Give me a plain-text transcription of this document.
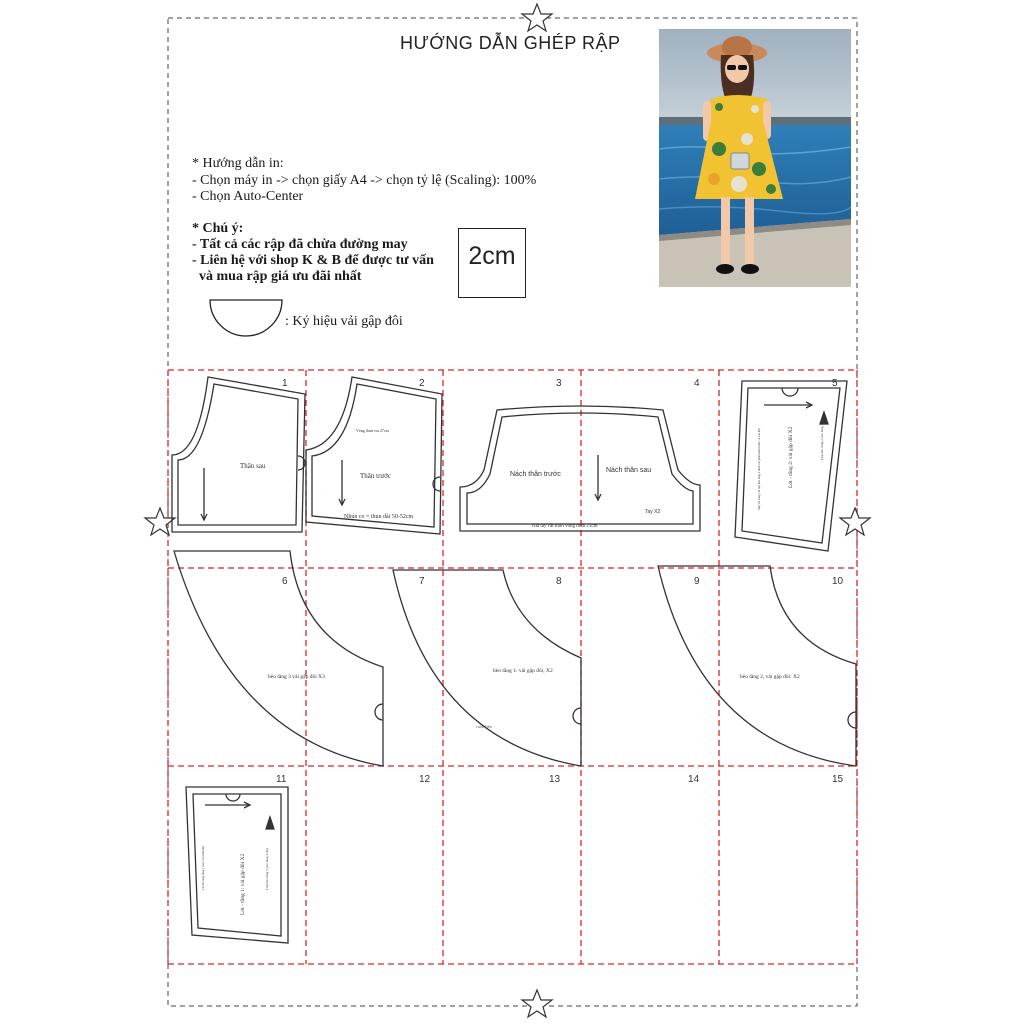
1	2	3	4	5
6	7	8	9	10
11	12	13	14	15
Thân sau
Thân trước
Vòng thun vai 27cm
Nhún co = thun dài 50-52cm
Nách thân trước
Nách thân sau
Tay X2
cửa tay cắt thun vòng thun 21cm
Lót - tầng 2: vải gập đôi X2	Lắp bèo tầng 2 vào tầng 1 đây
May bổ sung với lớp bèo tầng 2 dính với phần thân trước và sau đây
bèo tầng 3 vải gập đôi X3
bèo tầng 1: vải gập đôi, X2
cuốn biên
bèo tầng 2, vải gập đôi: X2
Lót - tầng 1: vải gập đôi X2	Lắp bèo tầng 1 vào tầng 2 đây
Lót bổ sung tầng 1 may vào thân đây
HƯỚNG DẪN GHÉP RẬP
* Hướng dẫn in:
- Chọn máy in -> chọn giấy A4 -> chọn tỷ lệ (Scaling): 100%
- Chọn Auto-Center
* Chú ý:
- Tất cả các rập đã chừa đường may
- Liên hệ với shop K & B để được tư vấn
và mua rập giá ưu đãi nhất
2cm
: Ký hiệu vải gập đôi
